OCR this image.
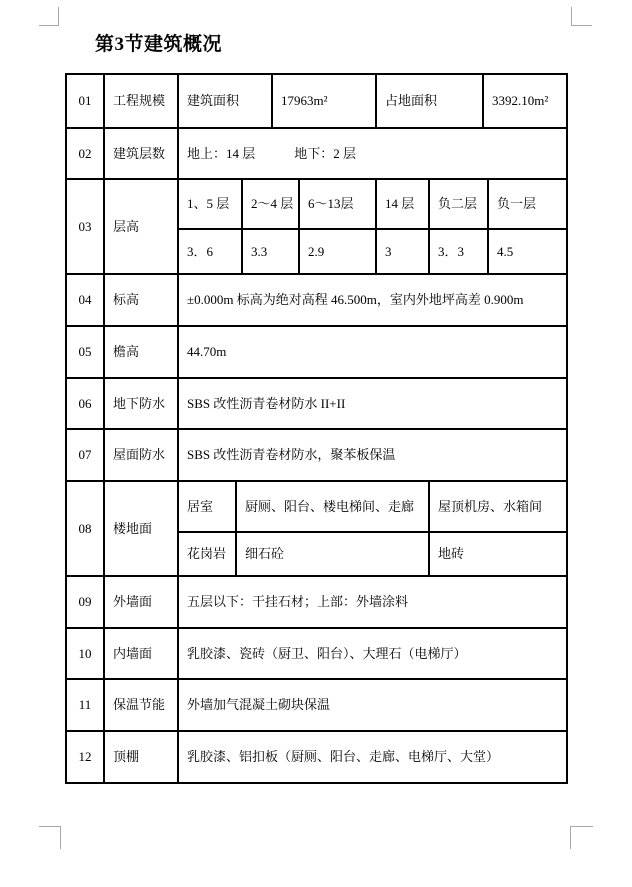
第3节建筑概况
01	工程规模	建筑面积	17963m²	占地面积	3392.10m²
02	建筑层数	地上：14 层　　　地下：2 层
03	层高
1、5 层	2～4 层	6～13层	14 层	负二层	负一层
3．6	3.3	2.9	3	3．3	4.5
04	标高	±0.000m 标高为绝对高程 46.500m，室内外地坪高差 0.900m
05	檐高	44.70m
06	地下防水	SBS 改性沥青卷材防水 II+II
07	屋面防水	SBS 改性沥青卷材防水，聚苯板保温
08	楼地面
居室	厨厕、阳台、楼电梯间、走廊	屋顶机房、水箱间
花岗岩	细石砼	地砖
09	外墙面	五层以下：干挂石材；上部：外墙涂料
10	内墙面	乳胶漆、瓷砖（厨卫、阳台）、大理石（电梯厅）
11	保温节能	外墙加气混凝土砌块保温
12	顶棚	乳胶漆、铝扣板（厨厕、阳台、走廊、电梯厅、大堂）
